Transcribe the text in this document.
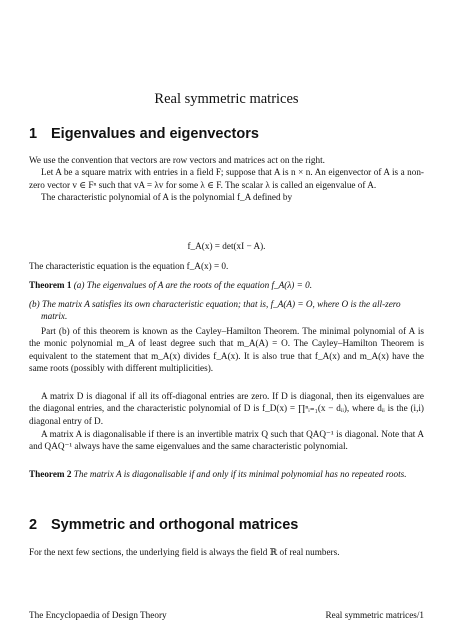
Real symmetric matrices
1 Eigenvalues and eigenvectors
We use the convention that vectors are row vectors and matrices act on the right.
Let A be a square matrix with entries in a field F; suppose that A is n × n. An eigenvector of A is a non-zero vector v ∈ Fⁿ such that vA = λv for some λ ∈ F. The scalar λ is called an eigenvalue of A.
The characteristic polynomial of A is the polynomial f_A defined by
f_A(x) = det(xI − A).
The characteristic equation is the equation f_A(x) = 0.
Theorem 1 (a) The eigenvalues of A are the roots of the equation f_A(λ) = 0.
(b) The matrix A satisfies its own characteristic equation; that is, f_A(A) = O, where O is the all-zero matrix.
Part (b) of this theorem is known as the Cayley–Hamilton Theorem. The minimal polynomial of A is the monic polynomial m_A of least degree such that m_A(A) = O. The Cayley–Hamilton Theorem is equivalent to the statement that m_A(x) divides f_A(x). It is also true that f_A(x) and m_A(x) have the same roots (possibly with different multiplicities).
A matrix D is diagonal if all its off-diagonal entries are zero. If D is diagonal, then its eigenvalues are the diagonal entries, and the characteristic polynomial of D is f_D(x) = ∏ⁿᵢ₌₁(x − dᵢᵢ), where dᵢᵢ is the (i,i) diagonal entry of D.
A matrix A is diagonalisable if there is an invertible matrix Q such that QAQ⁻¹ is diagonal. Note that A and QAQ⁻¹ always have the same eigenvalues and the same characteristic polynomial.
Theorem 2 The matrix A is diagonalisable if and only if its minimal polynomial has no repeated roots.
2 Symmetric and orthogonal matrices
For the next few sections, the underlying field is always the field ℝ of real numbers.
The Encyclopaedia of Design Theory	Real symmetric matrices/1
